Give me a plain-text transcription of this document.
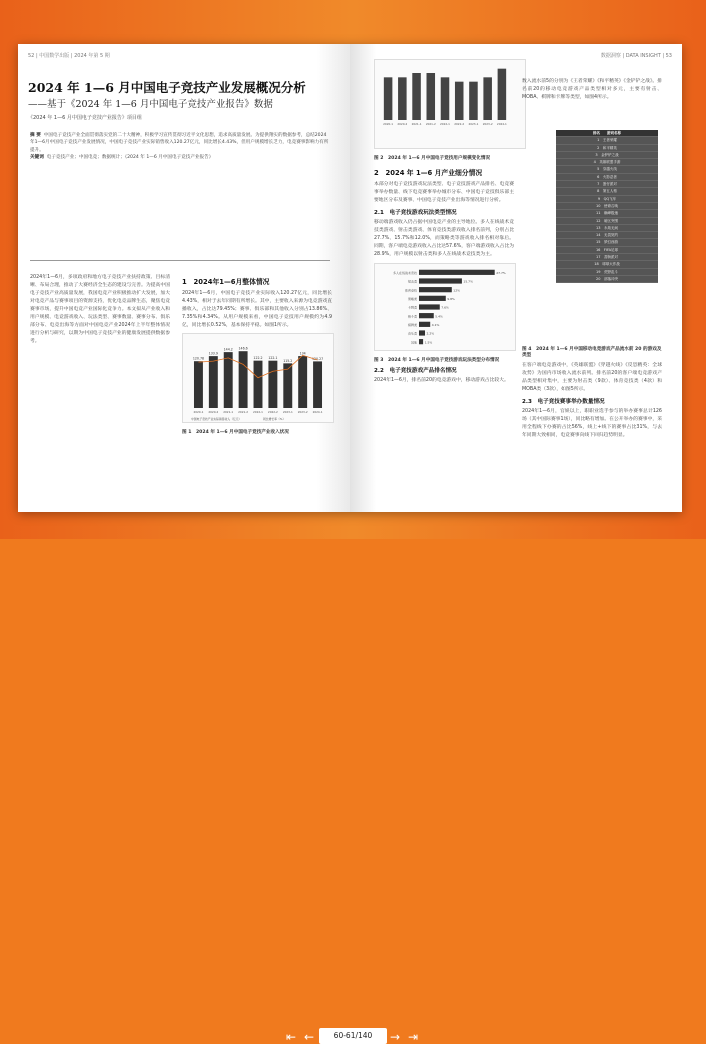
52 | 中国数学出版 | 2024 年第 5 期
2024 年 1—6 月中国电子竞技产业发展概况分析
——基于《2024 年 1—6 月中国电子竞技产业报告》数据
《2024 年 1—6 月中国电子竞技产业报告》项目组
摘 要 中国电子竞技产业全面贯彻落实党的二十大精神，积极学习宣传贯彻习近平文化思想，追求高质量发展。为提供翔实的数据参考，总结2024年1—6月中国电子竞技产业发展情况，中国电子竞技产业实际销售收入120.27亿元，同比增长4.43%，但用户规模增长乏力，电竞赛事影响力有所提升。
关键词 电子竞技产业；中国电竞；数据统计；《2024 年 1—6 月中国电子竞技产业报告》
2024年1—6月，多项政府和地方电子竞技产业扶持政策、目标清晰、布局合理，推动了大赛经济全生态的建设与完善。为提高中国电子竞技产业高质量发展，我国电竞产业积极推动扩大发展，加大对电竞产品与赛事项目的资源支持，优化电竞品牌生态，聚焦电竞赛事市场，提升中国电竞产业国际化竞争力。本文拟从产业收入和用户规模、电竞游戏收入、玩法类型、赛事数量、赛事分布、俱乐部分布、电竞出海等方面对中国电竞产业2024年上半年整体情况进行分析与研究，以期为中国电子竞技产业的健康发展提供数据参考。
1　2024年1—6月整体情况
2024年1—6月，中国电子竞技产业实际收入120.27亿元，同比增长4.43%，相对于去年同期有所增长。其中，主要收入来源为电竞游戏直播收入，占比达79.45%；赛事、俱乐部和其他收入分别占13.86%、7.35%和4.34%。从用户规模来看，中国电子竞技用户规模约为4.9亿，同比增长0.52%，基本保持平稳。如图1所示。
120.78
2020-1
133.9
2020-2
144.2
2021-1
146.6
2021-2
122.2
2022-1
122.1
2022-2
115.2
2023-1
134
2023-2
120.27
2024-1
中国电子竞技产业实际销售收入（亿元）	同比增长率（%）
图 1　2024 年 1—6 月中国电子竞技产业收入状况
数据洞察 | DATA INSIGHT | 53
2020-1 2020-2 2021-1 2021-2 2022-1 2022-2 2023-1 2023-2 2024-1
图 2　2024 年 1—6 月中国电子竞技用户规模变化情况
2　2024 年 1—6 月产业细分情况
本部分对电子竞技游戏玩法类型、电子竞技游戏产品排名、电竞赛事举办数量、线下电竞赛事举办城市分布、中国电子竞技俱乐部主要地区分布及赛事、中国电子竞技产业出海等情况进行分析。
2.1　电子竞技游戏玩法类型情况
移动端游戏收入仍占据中国电竞产业的主导地位。多人在线战术竞技类游戏、射击类游戏、体育竞技类游戏收入排名前列，分别占比27.7%、15.7%和12.0%，而策略类等游戏收入排名相对靠后。同期，客户端电竞游戏收入占比达57.6%，客户端游戏收入占比为28.9%，用户规模以射击类和多人在线战术竞技类为主。
多人在线战术竞技	27.7%
射击类	15.7%
体育竞技	12%
策略类	9.8%
卡牌类	7.6%
格斗类	5.4%
棋牌类	4.1%
音乐类	2.2%
其他	1.5%
图 3　2024 年 1—6 月中国电子竞技游戏玩法类型分布情况
2.2　电子竞技游戏产品排名情况
2024年1—6月，排名前20的电竞游戏中，移动游戏占比较大。
数入流水前5的分别为《王者荣耀》《和平精英》《金铲铲之战》。排名前20的移动电竞游戏产品类型相对多元，主要有射击、MOBA、棋牌和卡牌等类型，如图4所示。
排名　　游戏名称
1　王者荣耀
2　和平精英
3　金铲铲之战
4　英雄联盟手游
5　穿越火线
6　火影忍者
7　蛋仔派对
8　第五人格
9　QQ飞车
10　使命召唤
11　巅峰极速
12　暗区突围
13　永劫无间
14　无畏契约
15　梦幻西游
16　FIFA足球
17　香肠派对
18　球球大作战
19　荒野乱斗
20　部落冲突
图 4　2024 年 1—6 月中国移动电竞游戏产品流水前 20 的游戏及类型
在客户端电竞游戏中，《英雄联盟》《穿越火线》《反恐精英：全球攻势》为国内市场收入流水前列。排名前20的客户端电竞游戏产品类型相对集中，主要为射击类（9款）、体育竞技类（4款）和MOBA类（3款），如图5所示。
2.3　电子竞技赛事举办数量情况
2024年1—6月，官娱以上，职职业选手参与的举办赛事总计126场（其中国际赛事1场），同比略有增加。在公开举办的赛事中，采用全程线下办赛的占比56%，线上+线下的赛事占比31%，与去年同期大致相同，电竞赛事向线下回归趋势明显。
⇤ ←	60-61/140	→ ⇥
